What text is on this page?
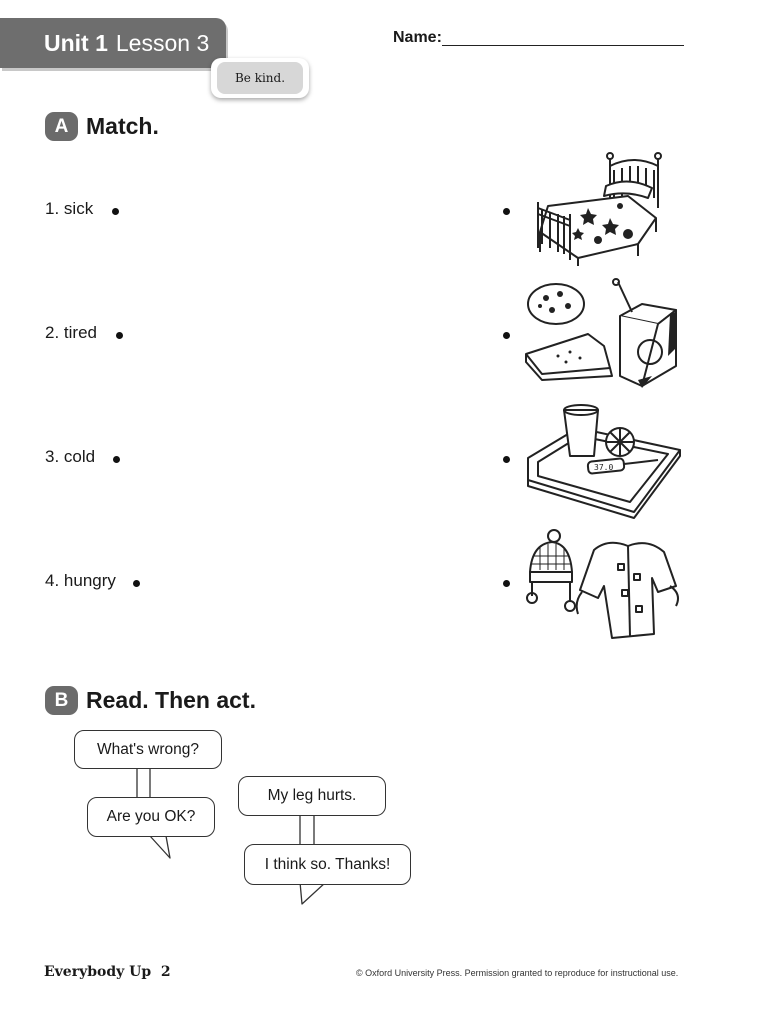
Unit 1 Lesson 3
Be kind.
Name:
A Match.
1. sick
2. tired
3. cold
4. hungry
37.0
B Read. Then act.
What's wrong?
Are you OK?
My leg hurts.
I think so. Thanks!
Everybody Up 2	© Oxford University Press. Permission granted to reproduce for instructional use.
